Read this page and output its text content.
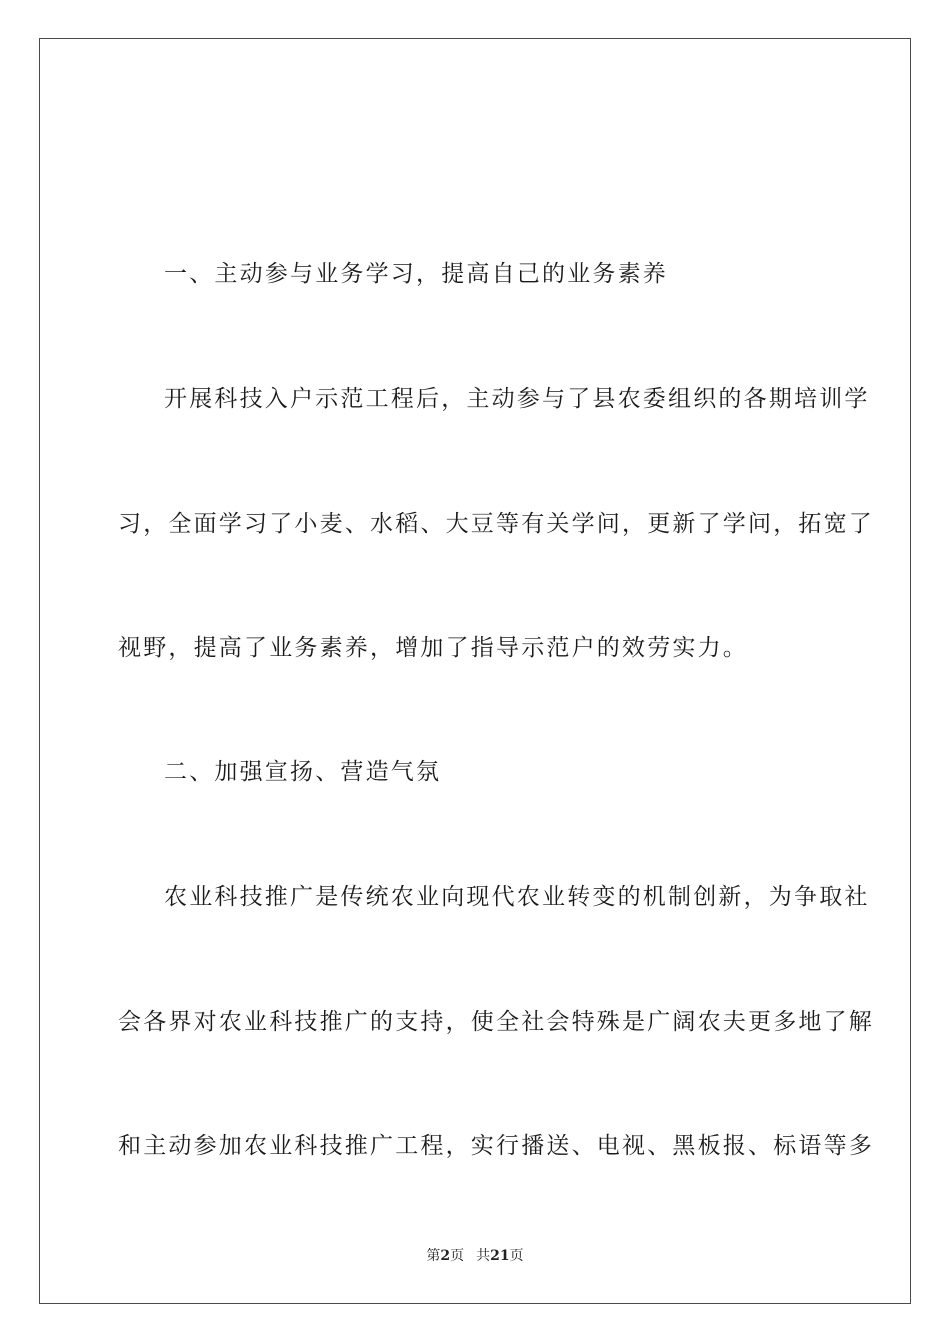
一、主动参与业务学习，提高自己的业务素养
开展科技入户示范工程后，主动参与了县农委组织的各期培训学
习，全面学习了小麦、水稻、大豆等有关学问，更新了学问，拓宽了
视野，提高了业务素养，增加了指导示范户的效劳实力。
二、加强宣扬、营造气氛
农业科技推广是传统农业向现代农业转变的机制创新，为争取社
会各界对农业科技推广的支持，使全社会特殊是广阔农夫更多地了解
和主动参加农业科技推广工程，实行播送、电视、黑板报、标语等多
第2页 共21页
